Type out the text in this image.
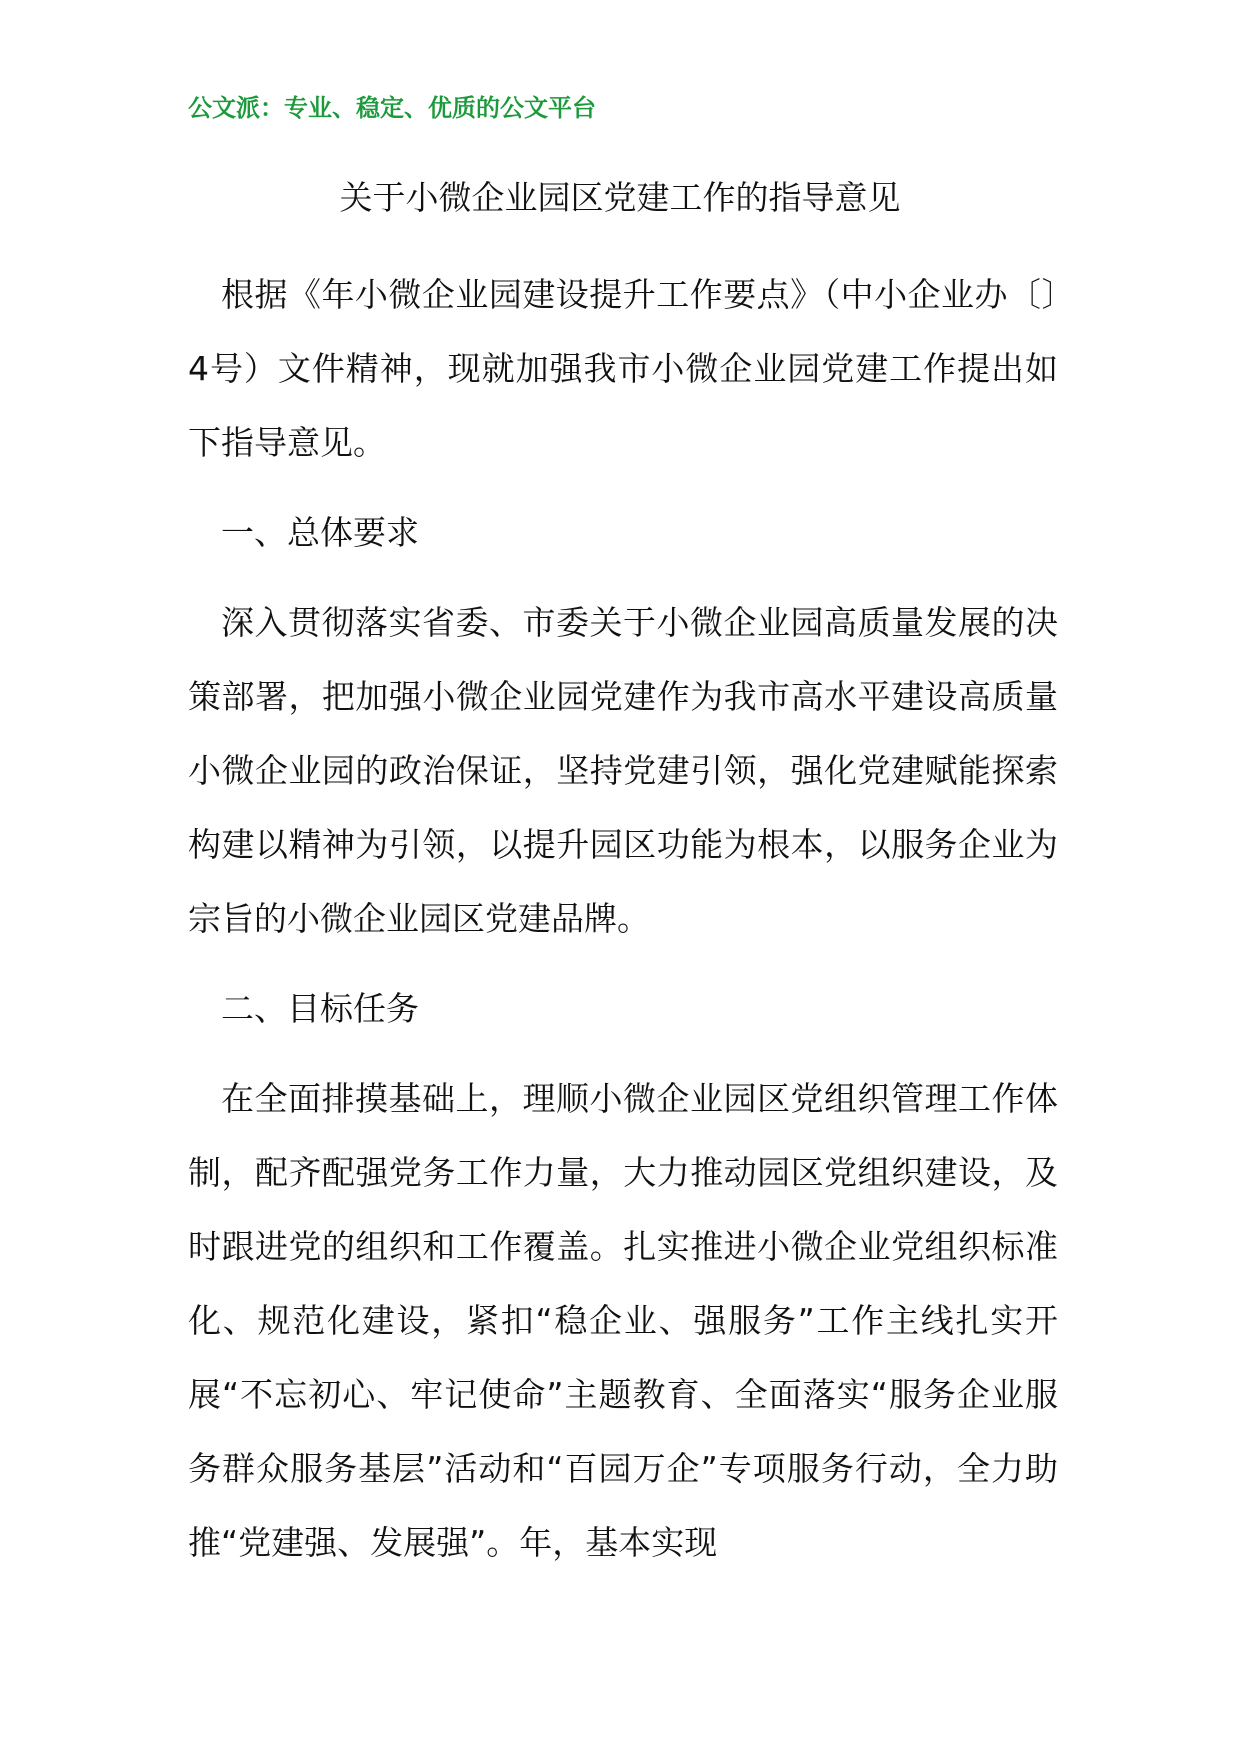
公文派：专业、稳定、优质的公文平台
关于小微企业园区党建工作的指导意见

根据《年小微企业园建设提升工作要点》（中小企业办〔〕4号）文件精神，现就加强我市小微企业园党建工作提出如下指导意见。

一、总体要求

深入贯彻落实省委、市委关于小微企业园高质量发展的决策部署，把加强小微企业园党建作为我市高水平建设高质量小微企业园的政治保证，坚持党建引领，强化党建赋能探索构建以精神为引领，以提升园区功能为根本，以服务企业为宗旨的小微企业园区党建品牌。

二、目标任务

在全面排摸基础上，理顺小微企业园区党组织管理工作体制，配齐配强党务工作力量，大力推动园区党组织建设，及时跟进党的组织和工作覆盖。扎实推进小微企业党组织标准化、规范化建设，紧扣“稳企业、强服务”工作主线扎实开展“不忘初心、牢记使命”主题教育、全面落实“服务企业服务群众服务基层”活动和“百园万企”专项服务行动，全力助推“党建强、发展强”。年，基本实现
